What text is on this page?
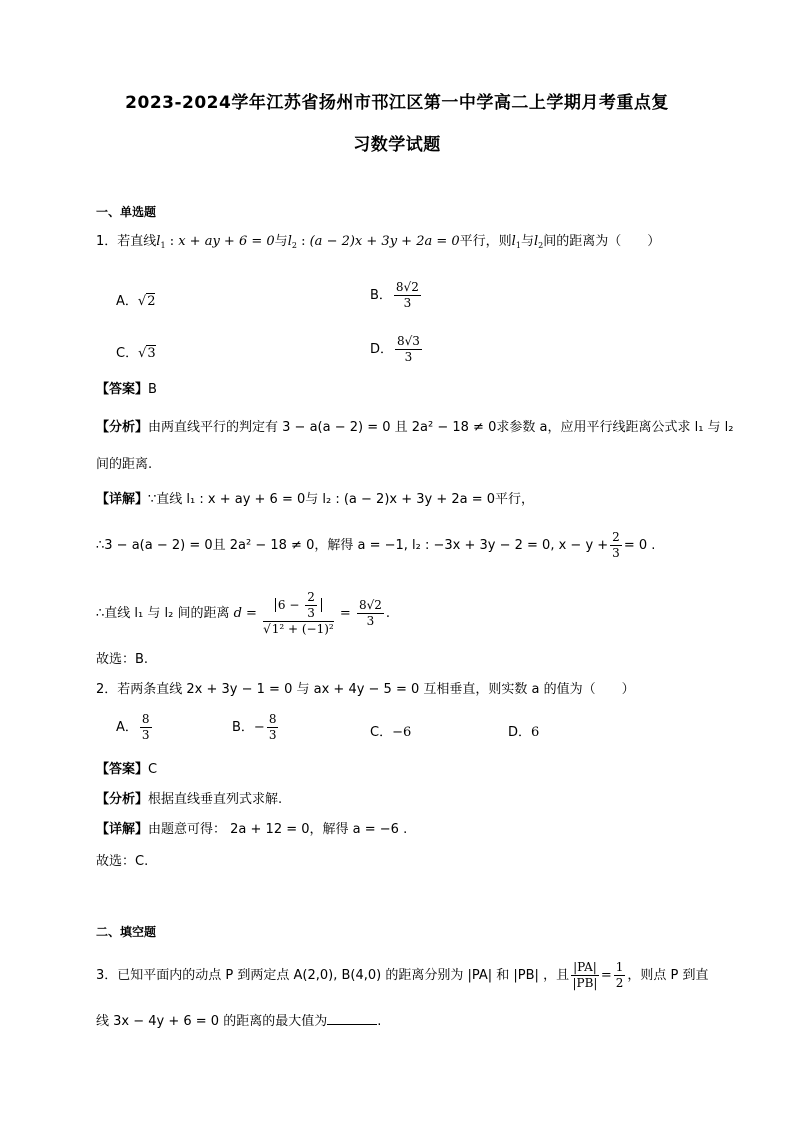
2023-2024学年江苏省扬州市邗江区第一中学高二上学期月考重点复
习数学试题
一、单选题
1．若直线$l_1$ : x + ay + 6 = 0与$l_2$ : (a − 2)x + 3y + 2a = 0平行，则$l_1$与$l_2$间的距离为（　　）
A．√2	B． $\frac{8√2}{3}$
C．√3	D． $\frac{8√3}{3}$
【答案】B
【分析】由两直线平行的判定有 3 − a(a − 2) = 0 且 2a² − 18 ≠ 0求参数 a，应用平行线距离公式求 l₁ 与 l₂
间的距离.
【详解】∵直线 l₁ : x + ay + 6 = 0与 l₂ : (a − 2)x + 3y + 2a = 0平行，
∴3 − a(a − 2) = 0且 2a² − 18 ≠ 0，解得 a = −1, l₂ : −3x + 3y − 2 = 0, $x - y + \frac{2}{3} = 0$ .
∴直线 l₁ 与 l₂ 间的距离 $d = \frac{6 - \frac{2}{3}}{\text{√1² + (−1)²}} = \frac{8√2}{3}$ .
故选：B.
2．若两条直线 2x + 3y − 1 = 0 与 ax + 4y − 5 = 0 互相垂直，则实数 a 的值为（　　）
A． $\frac{8}{3}$	B．− $\frac{8}{3}$	C．−6	D．6
【答案】C
【分析】根据直线垂直列式求解.
【详解】由题意可得： 2a + 12 = 0，解得 a = −6 .
故选：C.
二、填空题
3．已知平面内的动点 P 到两定点 A(2,0), B(4,0) 的距离分别为 |PA| 和 |PB| ，且 $\frac{|PA|}{|PB|} = \frac{1}{2}$ ，则点 P 到直
线 3x − 4y + 6 = 0 的距离的最大值为	.
